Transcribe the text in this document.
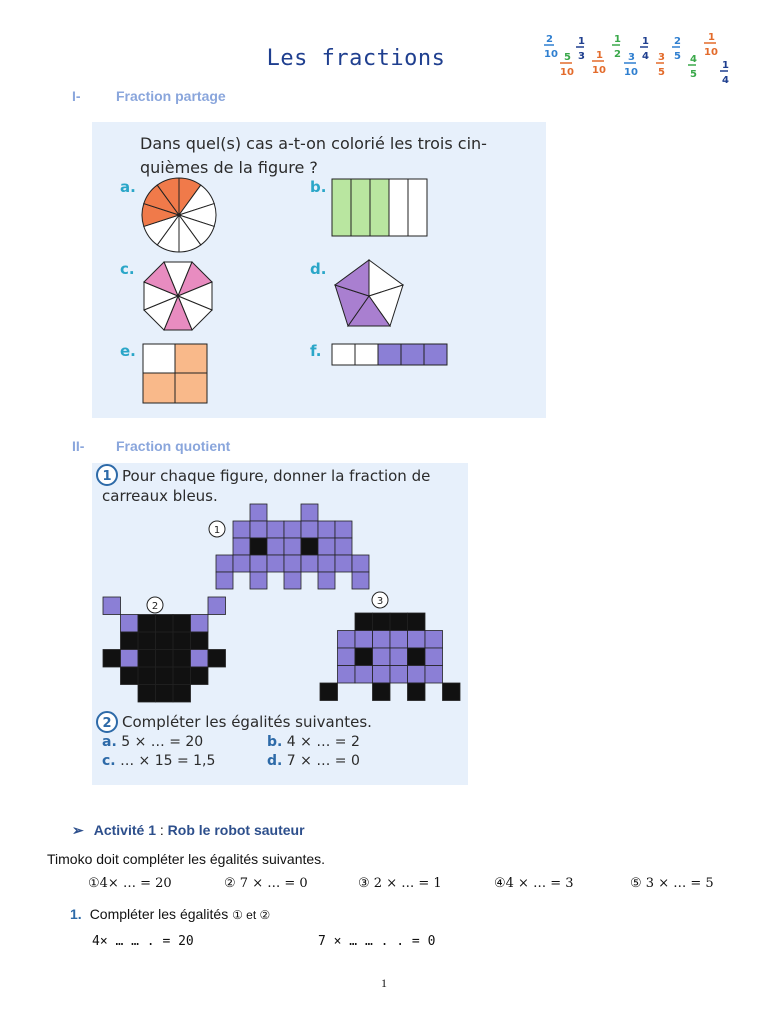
Les fractions
2
10 5
10
1
3 1
10
1
2 3
10
1
4 3
5
2
5 4
5
1
10
1
4
I-	Fraction partage
Dans quel(s) cas a-t-on colorié les trois cin-
quièmes de la figure ?
a.	b.
c.	d.
e.	f.
II- Fraction quotient
1
2
1
2	3
Pour chaque figure, donner la fraction de
carreaux bleus.
Compléter les égalités suivantes.
a. 5 × … = 20	b. 4 × … = 2
c. … × 15 = 1,5	d. 7 × … = 0
➢ Activité 1 : Rob le robot sauteur
Timoko doit compléter les égalités suivantes.
①4× … = 20	② 7 × … = 0	③ 2 × … = 1	④4 × … = 3	⑤ 3 × … = 5
1. Compléter les égalités ① et ②
4× … … . = 20	7 × … … . . = 0
1
